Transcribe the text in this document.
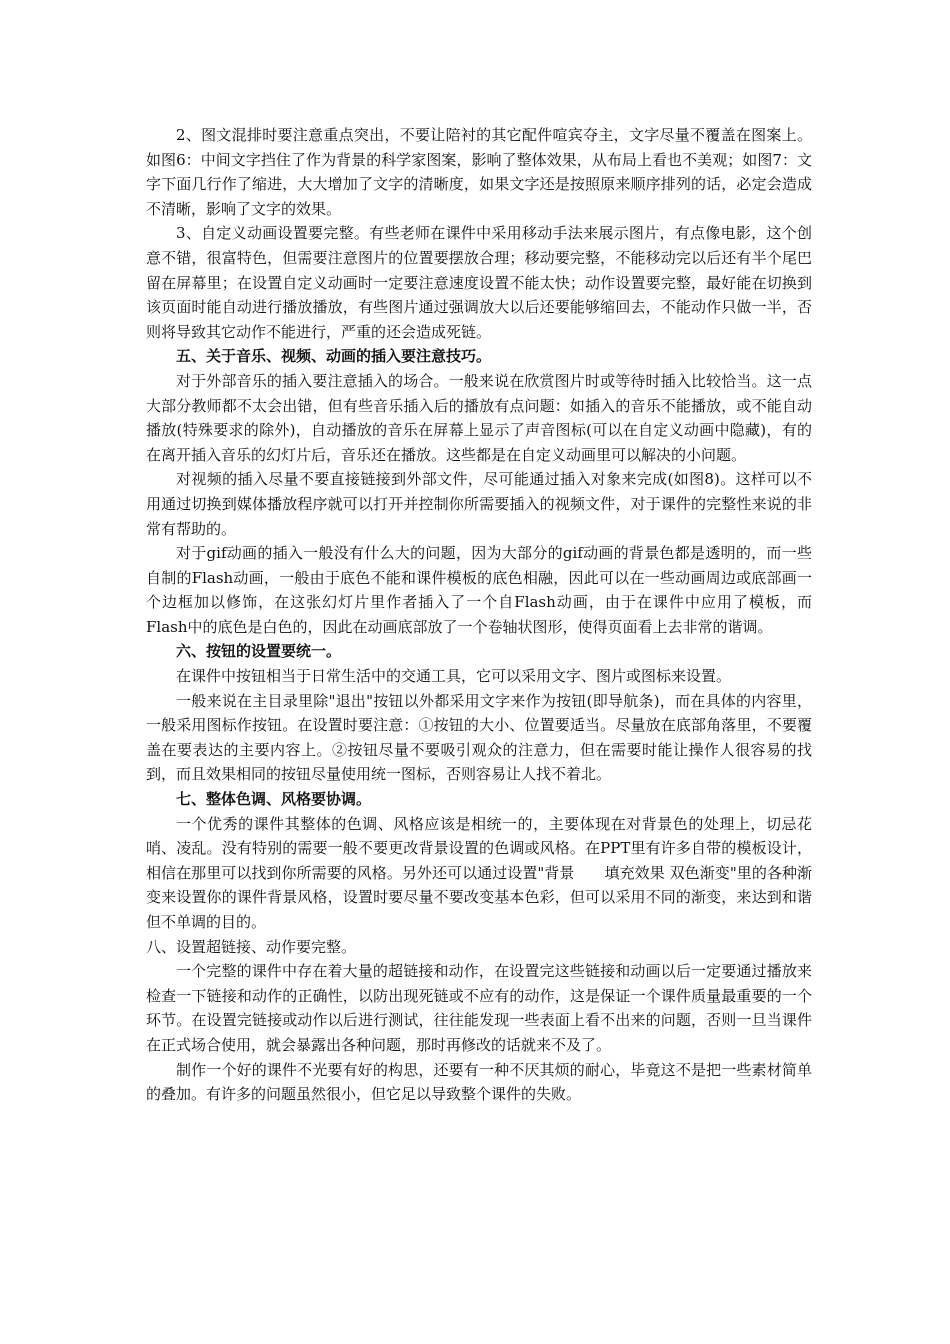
2、图文混排时要注意重点突出，不要让陪衬的其它配件喧宾夺主，文字尽量不覆盖在图案上。如图6：中间文字挡住了作为背景的科学家图案，影响了整体效果，从布局上看也不美观；如图7：文字下面几行作了缩进，大大增加了文字的清晰度，如果文字还是按照原来顺序排列的话，必定会造成不清晰，影响了文字的效果。

3、自定义动画设置要完整。有些老师在课件中采用移动手法来展示图片，有点像电影，这个创意不错，很富特色，但需要注意图片的位置要摆放合理；移动要完整，不能移动完以后还有半个尾巴留在屏幕里；在设置自定义动画时一定要注意速度设置不能太快；动作设置要完整，最好能在切换到该页面时能自动进行播放播放，有些图片通过强调放大以后还要能够缩回去，不能动作只做一半，否则将导致其它动作不能进行，严重的还会造成死链。

五、关于音乐、视频、动画的插入要注意技巧。

对于外部音乐的插入要注意插入的场合。一般来说在欣赏图片时或等待时插入比较恰当。这一点大部分教师都不太会出错，但有些音乐插入后的播放有点问题：如插入的音乐不能播放，或不能自动播放(特殊要求的除外)，自动播放的音乐在屏幕上显示了声音图标(可以在自定义动画中隐藏)，有的在离开插入音乐的幻灯片后，音乐还在播放。这些都是在自定义动画里可以解决的小问题。

对视频的插入尽量不要直接链接到外部文件，尽可能通过插入对象来完成(如图8)。这样可以不用通过切换到媒体播放程序就可以打开并控制你所需要插入的视频文件，对于课件的完整性来说的非常有帮助的。

对于gif动画的插入一般没有什么大的问题，因为大部分的gif动画的背景色都是透明的，而一些自制的Flash动画，一般由于底色不能和课件模板的底色相融，因此可以在一些动画周边或底部画一个边框加以修饰，在这张幻灯片里作者插入了一个自Flash动画，由于在课件中应用了模板，而Flash中的底色是白色的，因此在动画底部放了一个卷轴状图形，使得页面看上去非常的谐调。

六、按钮的设置要统一。

在课件中按钮相当于日常生活中的交通工具，它可以采用文字、图片或图标来设置。

一般来说在主目录里除"退出"按钮以外都采用文字来作为按钮(即导航条)，而在具体的内容里，一般采用图标作按钮。在设置时要注意：①按钮的大小、位置要适当。尽量放在底部角落里，不要覆盖在要表达的主要内容上。②按钮尽量不要吸引观众的注意力，但在需要时能让操作人很容易的找到，而且效果相同的按钮尽量使用统一图标，否则容易让人找不着北。

七、整体色调、风格要协调。

一个优秀的课件其整体的色调、风格应该是相统一的，主要体现在对背景色的处理上，切忌花哨、凌乱。没有特别的需要一般不要更改背景设置的色调或风格。在PPT里有许多自带的模板设计，相信在那里可以找到你所需要的风格。另外还可以通过设置"背景　　填充效果 双色渐变"里的各种渐变来设置你的课件背景风格，设置时要尽量不要改变基本色彩，但可以采用不同的渐变，来达到和谐但不单调的目的。

八、设置超链接、动作要完整。

一个完整的课件中存在着大量的超链接和动作，在设置完这些链接和动画以后一定要通过播放来检查一下链接和动作的正确性，以防出现死链或不应有的动作，这是保证一个课件质量最重要的一个环节。在设置完链接或动作以后进行测试，往往能发现一些表面上看不出来的问题，否则一旦当课件在正式场合使用，就会暴露出各种问题，那时再修改的话就来不及了。

制作一个好的课件不光要有好的构思，还要有一种不厌其烦的耐心，毕竟这不是把一些素材简单的叠加。有许多的问题虽然很小，但它足以导致整个课件的失败。
